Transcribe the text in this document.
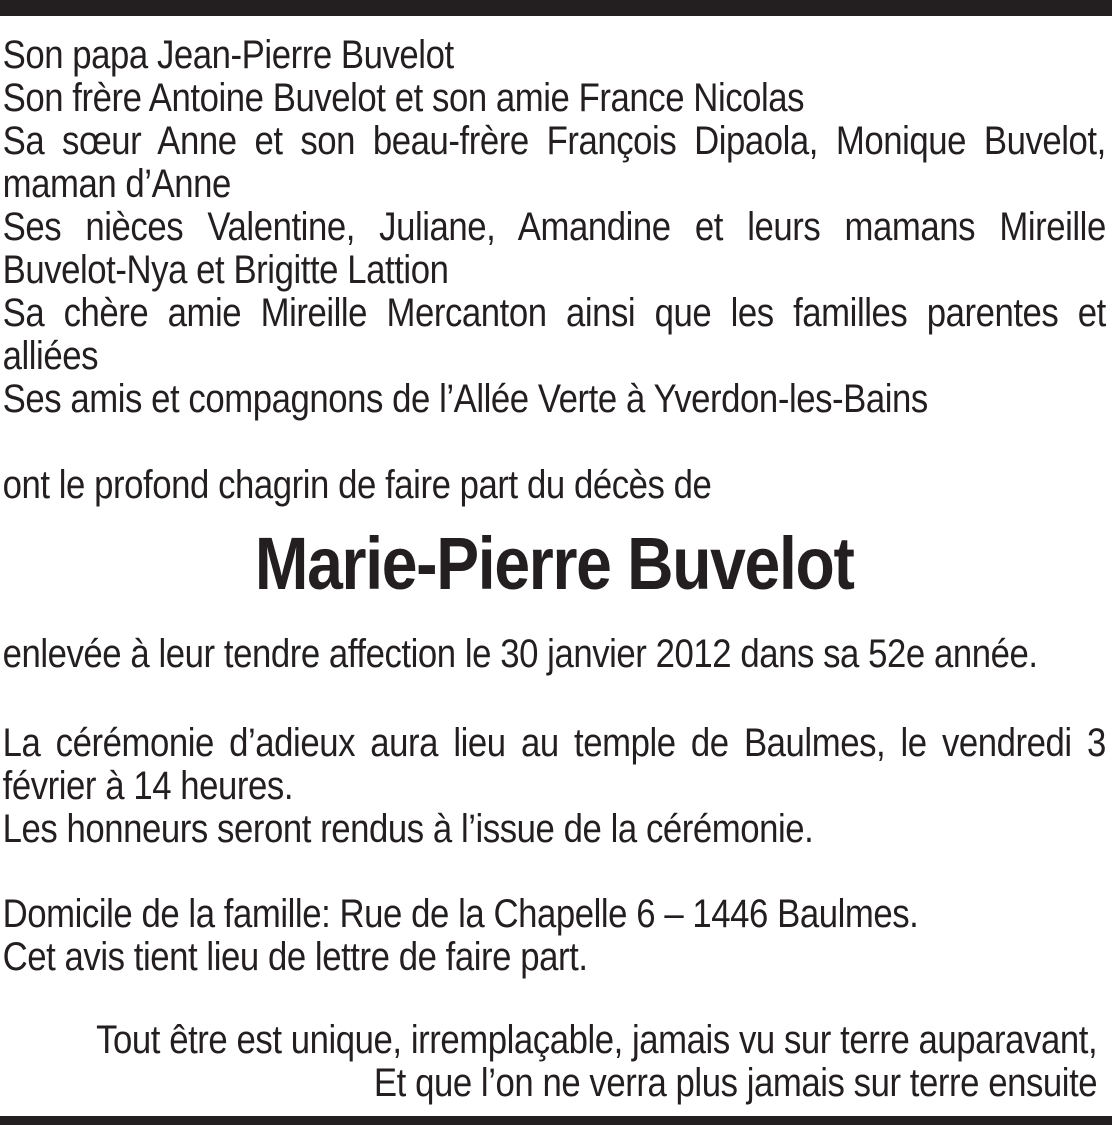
Son papa Jean-Pierre Buvelot

Son frère Antoine Buvelot et son amie France Nicolas

Sa sœur Anne et son beau-frère François Dipaola, Monique Buvelot, maman d’Anne

Ses nièces Valentine, Juliane, Amandine et leurs mamans Mireille Buvelot-Nya et Brigitte Lattion

Sa chère amie Mireille Mercanton ainsi que les familles parentes et alliées

Ses amis et compagnons de l’Allée Verte à Yverdon-les-Bains

ont le profond chagrin de faire part du décès de

Marie-Pierre Buvelot

enlevée à leur tendre affection le 30 janvier 2012 dans sa 52e année.

La cérémonie d’adieux aura lieu au temple de Baulmes, le vendredi 3 février à 14 heures.

Les honneurs seront rendus à l’issue de la cérémonie.

Domicile de la famille: Rue de la Chapelle 6 – 1446 Baulmes.

Cet avis tient lieu de lettre de faire part.

Tout être est unique, irremplaçable, jamais vu sur terre auparavant,

Et que l’on ne verra plus jamais sur terre ensuite
